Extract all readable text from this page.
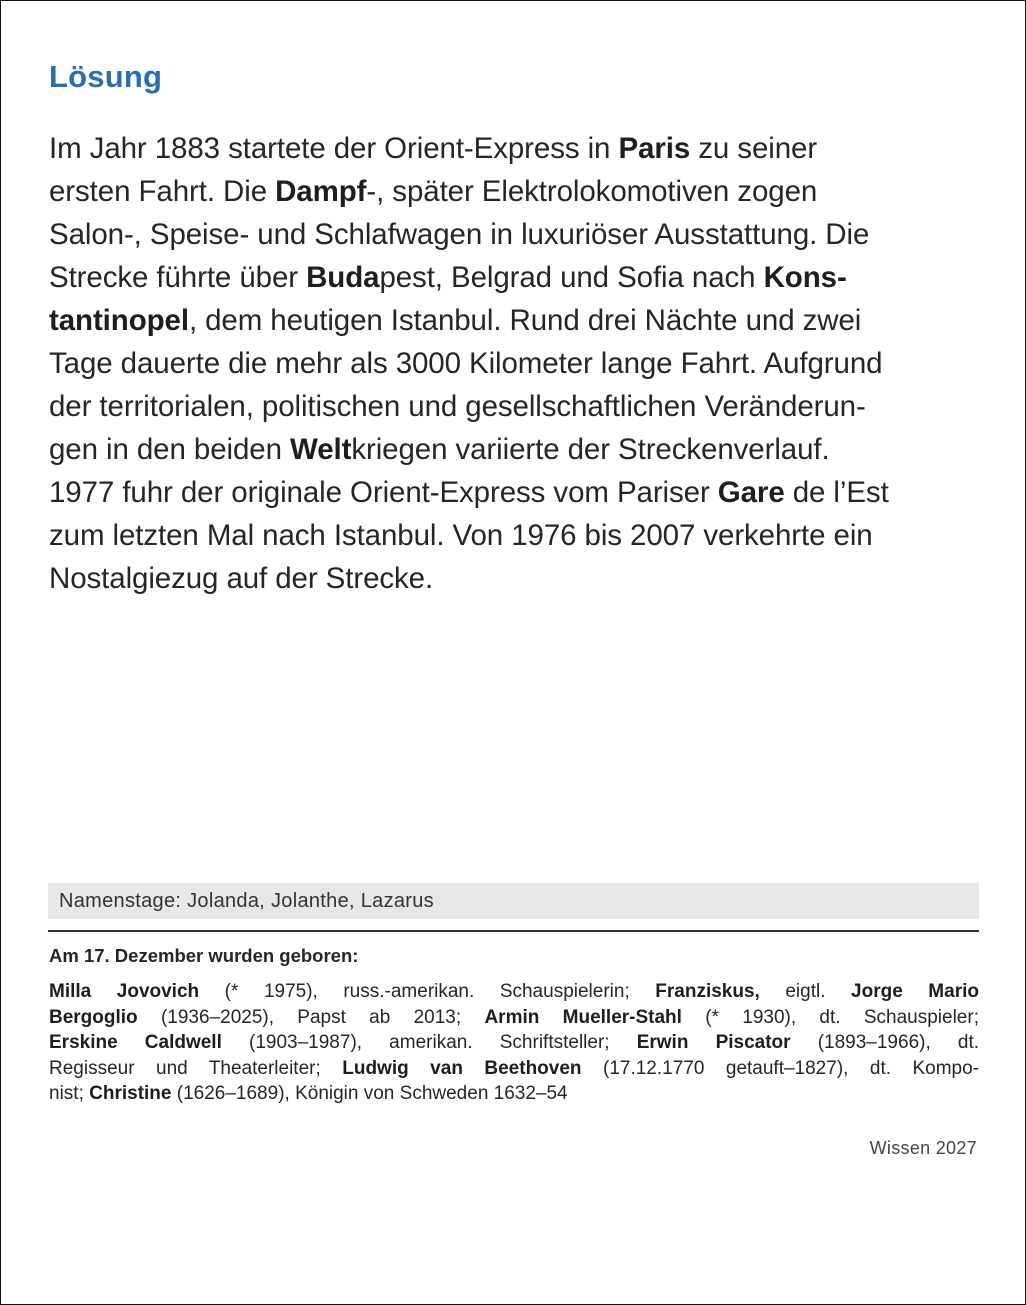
Lösung
Im Jahr 1883 startete der Orient-Express in Paris zu seiner
ersten Fahrt. Die Dampf-, später Elektrolokomotiven zogen
Salon-, Speise- und Schlafwagen in luxuriöser Ausstattung. Die
Strecke führte über Budapest, Belgrad und Sofia nach Kons-
tantinopel, dem heutigen Istanbul. Rund drei Nächte und zwei
Tage dauerte die mehr als 3000 Kilometer lange Fahrt. Aufgrund
der territorialen, politischen und gesellschaftlichen Veränderun-
gen in den beiden Weltkriegen variierte der Streckenverlauf.
1977 fuhr der originale Orient-Express vom Pariser Gare de l’Est
zum letzten Mal nach Istanbul. Von 1976 bis 2007 verkehrte ein
Nostalgiezug auf der Strecke.
Namenstage: Jolanda, Jolanthe, Lazarus
Am 17. Dezember wurden geboren:
Milla Jovovich (* 1975), russ.-amerikan. Schauspielerin; Franziskus, eigtl. Jorge Mario
Bergoglio (1936–2025), Papst ab 2013; Armin Mueller-Stahl (* 1930), dt. Schauspieler;
Erskine Caldwell (1903–1987), amerikan. Schriftsteller; Erwin Piscator (1893–1966), dt.
Regisseur und Theaterleiter; Ludwig van Beethoven (17.12.1770 getauft–1827), dt. Kompo-
nist; Christine (1626–1689), Königin von Schweden 1632–54
Wissen 2027
